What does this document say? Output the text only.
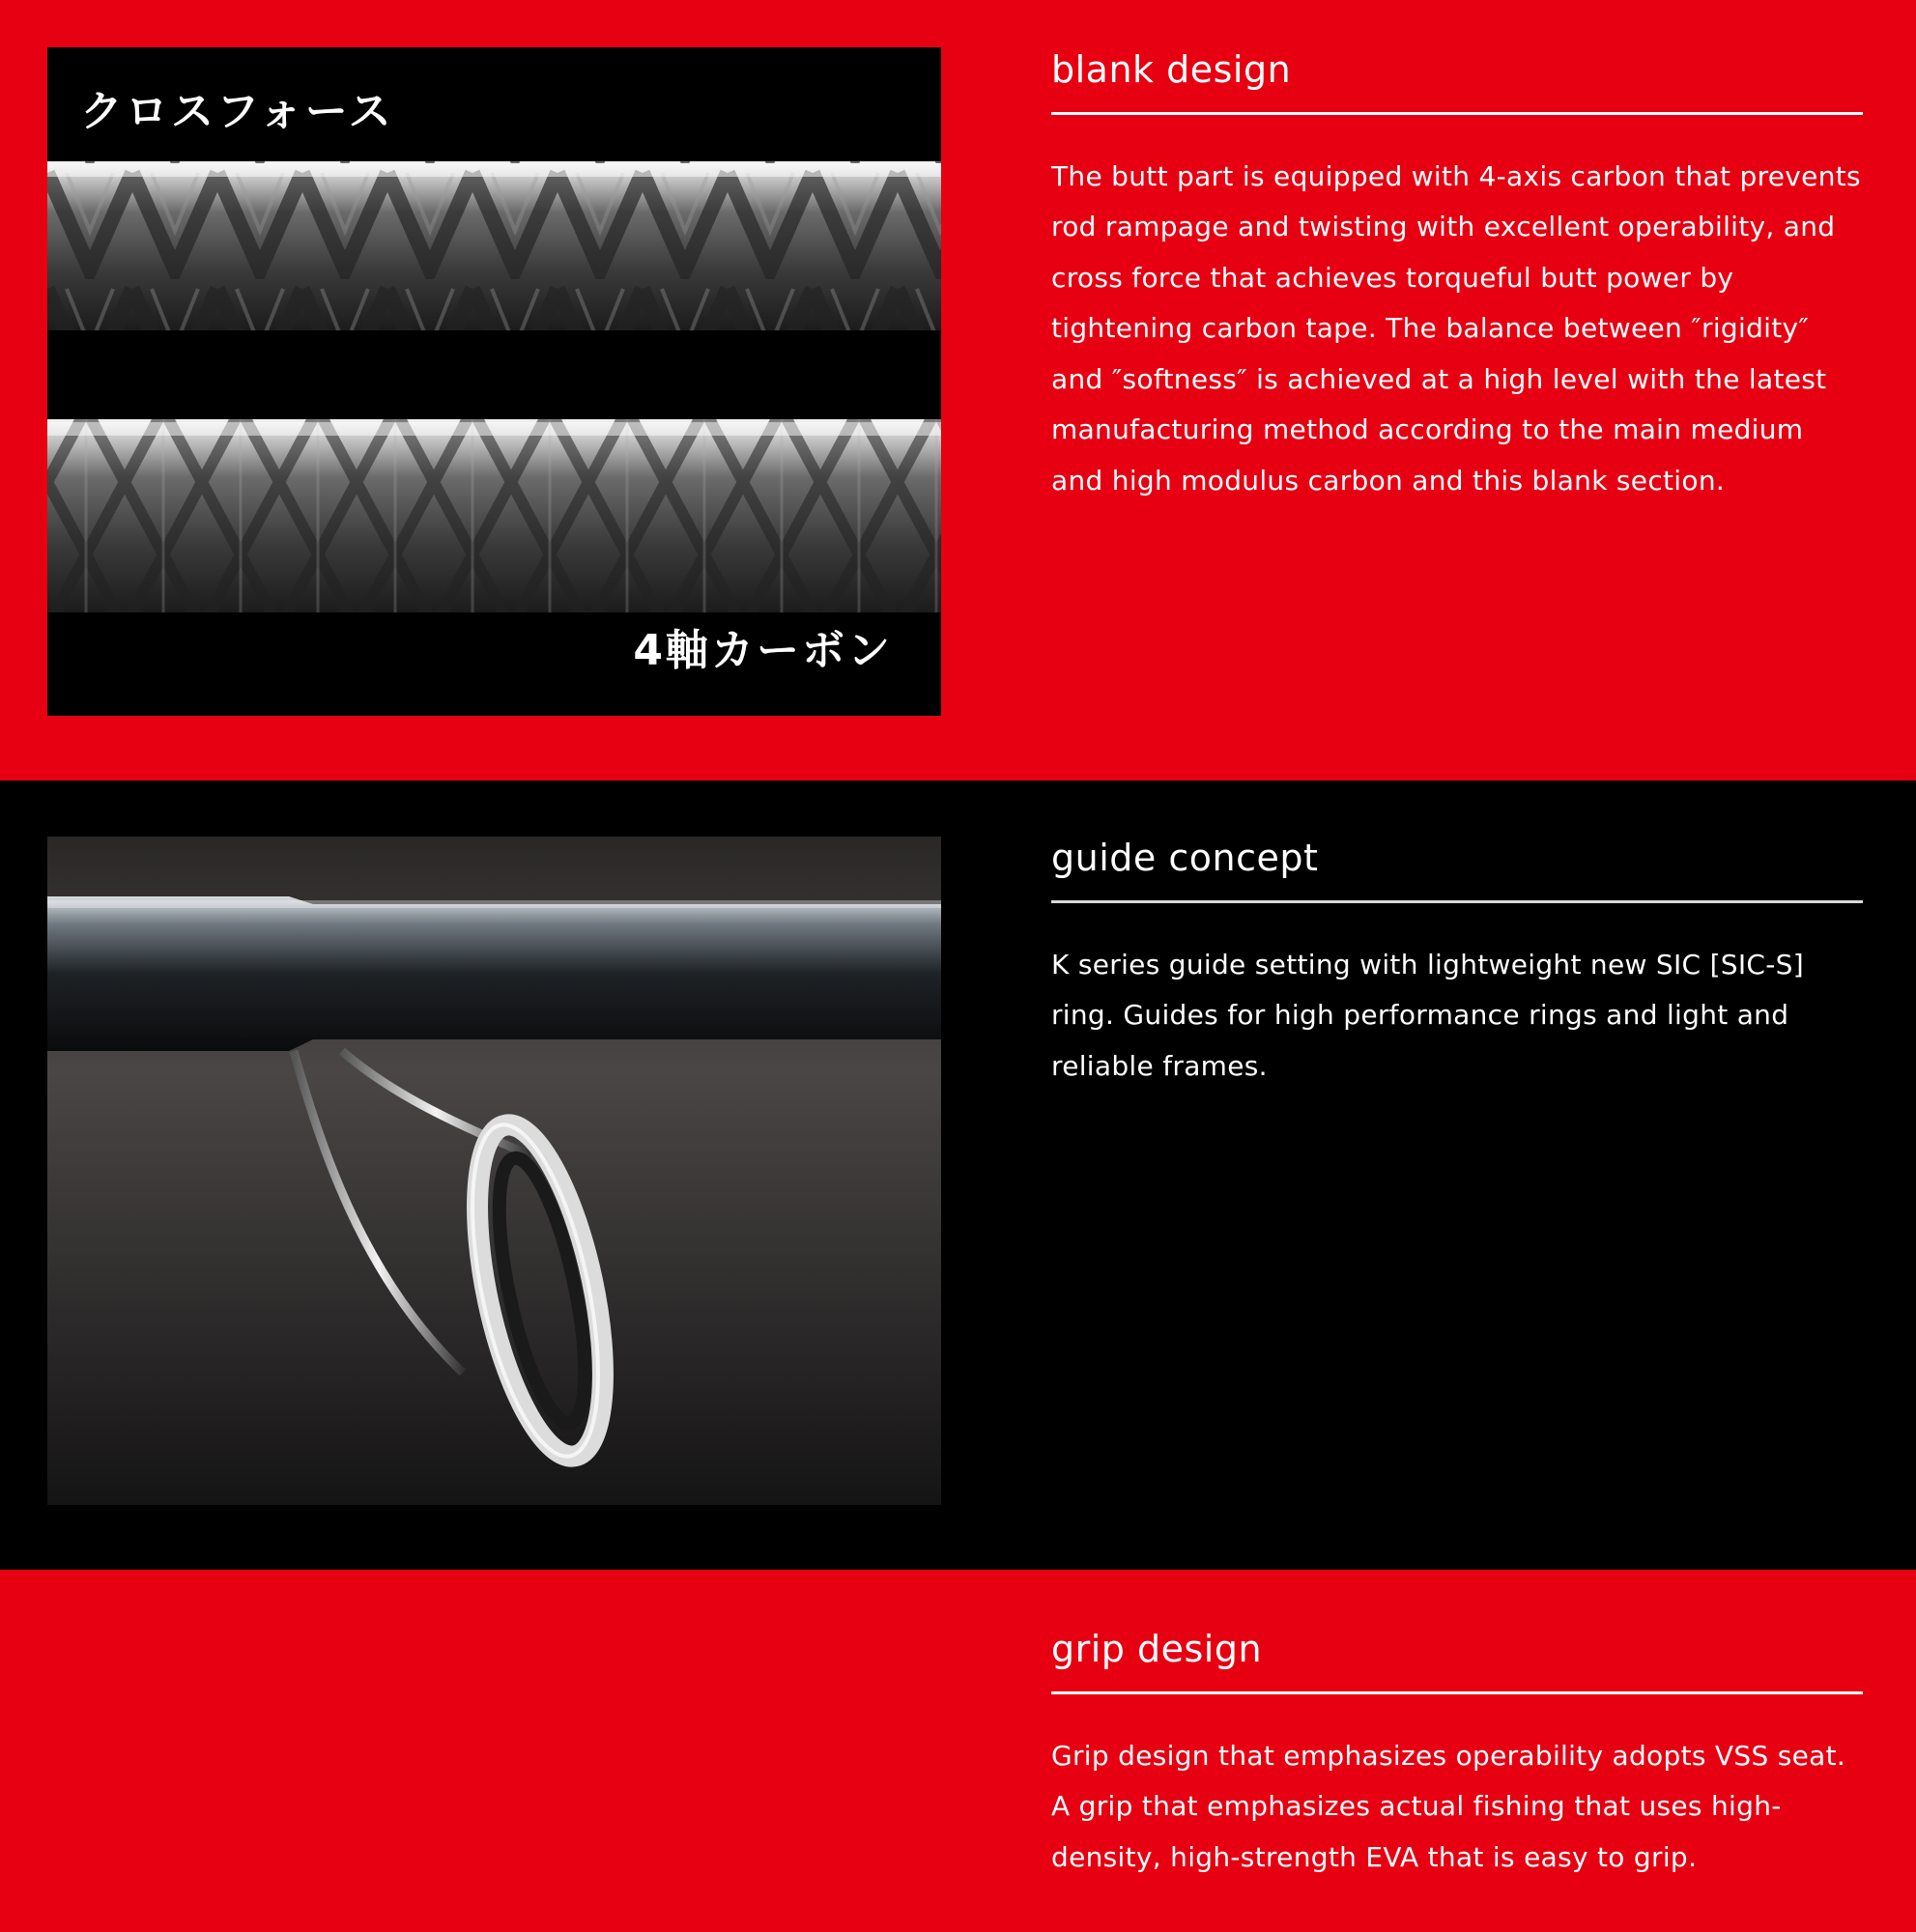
クロスフォース
4軸カーボン
blank design

The butt part is equipped with 4-axis carbon that prevents rod rampage and twisting with excellent operability, and cross force that achieves torqueful butt power by tightening carbon tape. The balance between ″rigidity″ and ″softness″ is achieved at a high level with the latest manufacturing method according to the main medium and high modulus carbon and this blank section.

guide concept

K series guide setting with lightweight new SIC [SIC-S] ring. Guides for high performance rings and light and reliable frames.

grip design

Grip design that emphasizes operability adopts VSS seat. A grip that emphasizes actual fishing that uses high-density, high-strength EVA that is easy to grip.
